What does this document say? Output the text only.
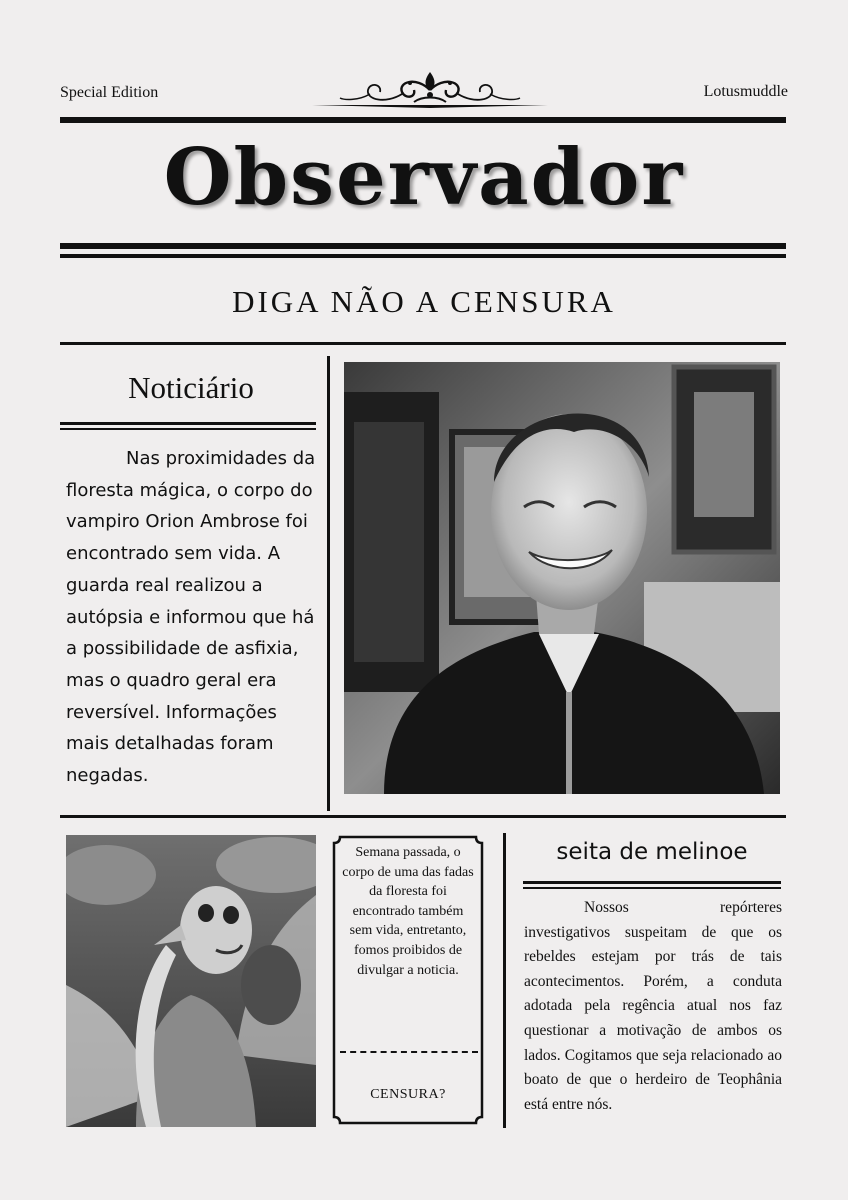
Special Edition	Lotusmuddle
Observador
DIGA NÃO A CENSURA
Noticiário
Nas proximidades da floresta mágica, o corpo do vampiro Orion Ambrose foi encontrado sem vida. A guarda real realizou a autópsia e informou que há a possibilidade de asfixia, mas o quadro geral era reversível. Informações mais detalhadas foram negadas.
Semana passada, o corpo de uma das fadas da floresta foi encontrado também sem vida, entretanto, fomos proibidos de divulgar a noticia.
CENSURA?
seita de melinoe
Nossos repórteres investigativos suspeitam de que os rebeldes estejam por trás de tais acontecimentos. Porém, a conduta adotada pela regência atual nos faz questionar a motivação de ambos os lados. Cogitamos que seja relacionado ao boato de que o herdeiro de Teophânia está entre nós.
